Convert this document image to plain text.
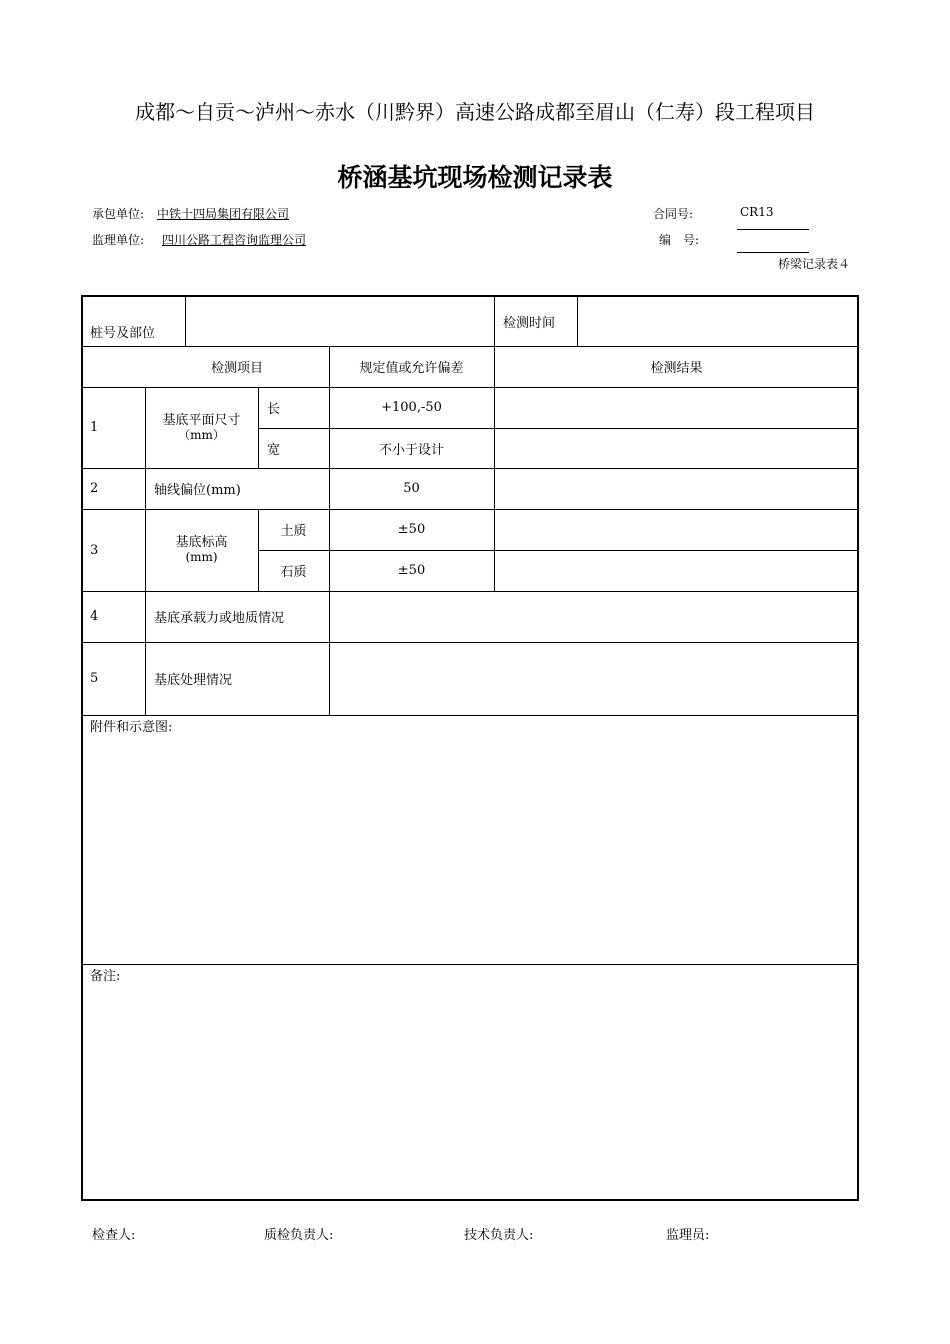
成都～自贡～泸州～赤水（川黔界）高速公路成都至眉山（仁寿）段工程项目
桥涵基坑现场检测记录表
承包单位: 中铁十四局集团有限公司
监理单位: 四川公路工程咨询监理公司
合同号:	CR13
编　号:
桥梁记录表４
桩号及部位
检测时间
检测项目	规定值或允许偏差	检测结果
1	基底平面尺寸
（mm）
长	+100,-50
宽	不小于设计
2	轴线偏位(mm)	50
3	基底标高
(mm)
土质	±50
石质	±50
4	基底承载力或地质情况
5	基底处理情况
附件和示意图:
备注:
检查人:	质检负责人:	技术负责人:	监理员:
